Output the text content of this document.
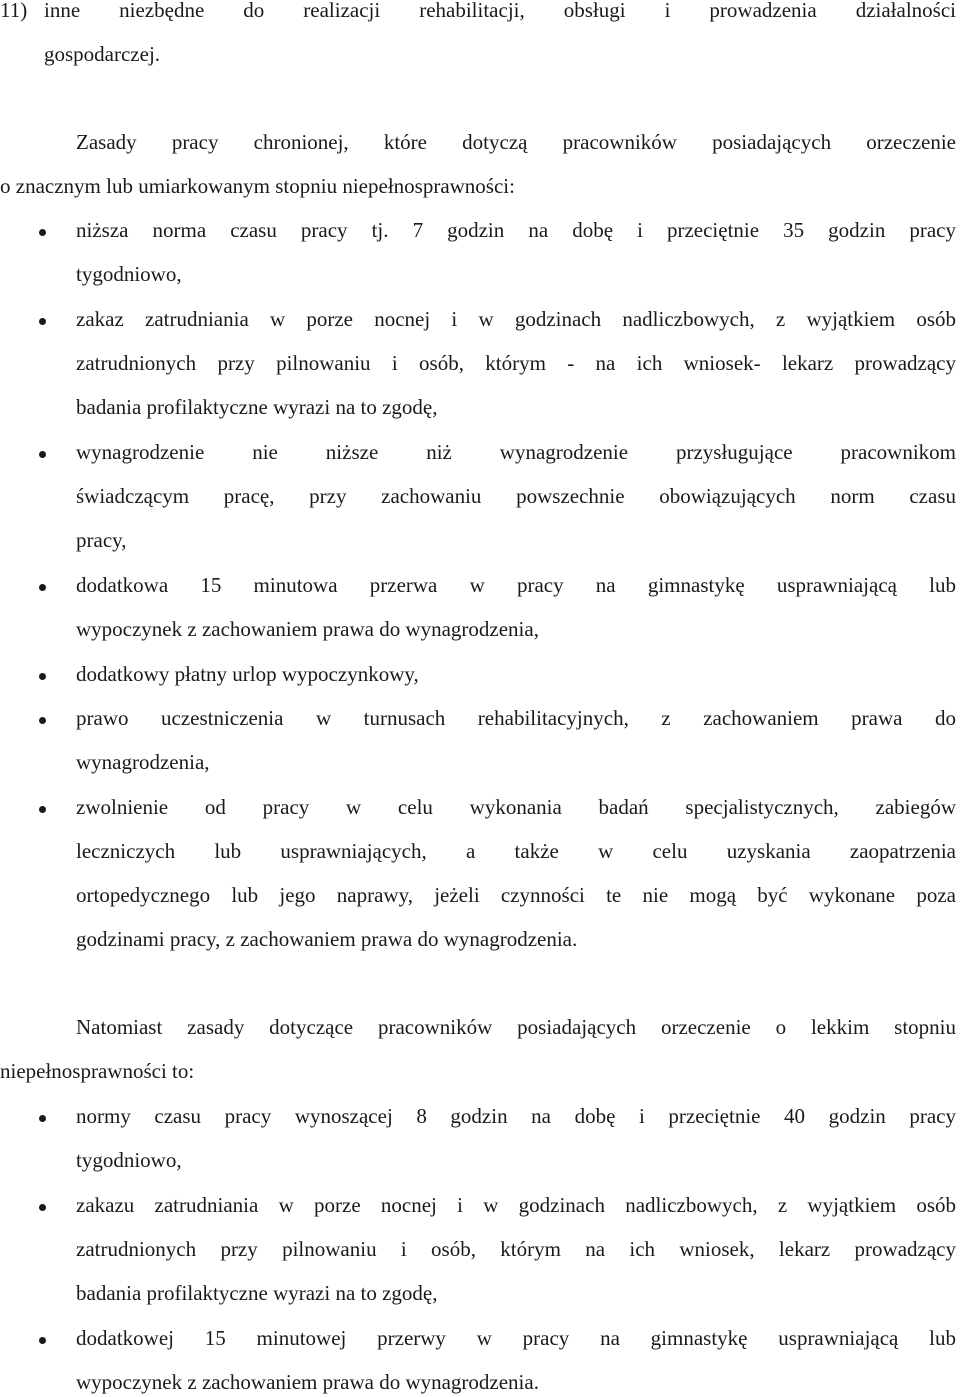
11) inne niezbędne do realizacji rehabilitacji, obsługi i prowadzenia działalności
gospodarczej.
Zasady pracy chronionej, które dotyczą pracowników posiadających orzeczenie
o znacznym lub umiarkowanym stopniu niepełnosprawności:
niższa norma czasu pracy tj. 7 godzin na dobę i przeciętnie 35 godzin pracy
tygodniowo,
zakaz zatrudniania w porze nocnej i w godzinach nadliczbowych, z wyjątkiem osób
zatrudnionych przy pilnowaniu i osób, którym - na ich wniosek- lekarz prowadzący
badania profilaktyczne wyrazi na to zgodę,
wynagrodzenie nie niższe niż wynagrodzenie przysługujące pracownikom
świadczącym pracę, przy zachowaniu powszechnie obowiązujących norm czasu
pracy,
dodatkowa 15 minutowa przerwa w pracy na gimnastykę usprawniającą lub
wypoczynek z zachowaniem prawa do wynagrodzenia,
dodatkowy płatny urlop wypoczynkowy,
prawo uczestniczenia w turnusach rehabilitacyjnych, z zachowaniem prawa do
wynagrodzenia,
zwolnienie od pracy w celu wykonania badań specjalistycznych, zabiegów
leczniczych lub usprawniających, a także w celu uzyskania zaopatrzenia
ortopedycznego lub jego naprawy, jeżeli czynności te nie mogą być wykonane poza
godzinami pracy, z zachowaniem prawa do wynagrodzenia.
Natomiast zasady dotyczące pracowników posiadających orzeczenie o lekkim stopniu
niepełnosprawności to:
normy czasu pracy wynoszącej 8 godzin na dobę i przeciętnie 40 godzin pracy
tygodniowo,
zakazu zatrudniania w porze nocnej i w godzinach nadliczbowych, z wyjątkiem osób
zatrudnionych przy pilnowaniu i osób, którym na ich wniosek, lekarz prowadzący
badania profilaktyczne wyrazi na to zgodę,
dodatkowej 15 minutowej przerwy w pracy na gimnastykę usprawniającą lub
wypoczynek z zachowaniem prawa do wynagrodzenia.
